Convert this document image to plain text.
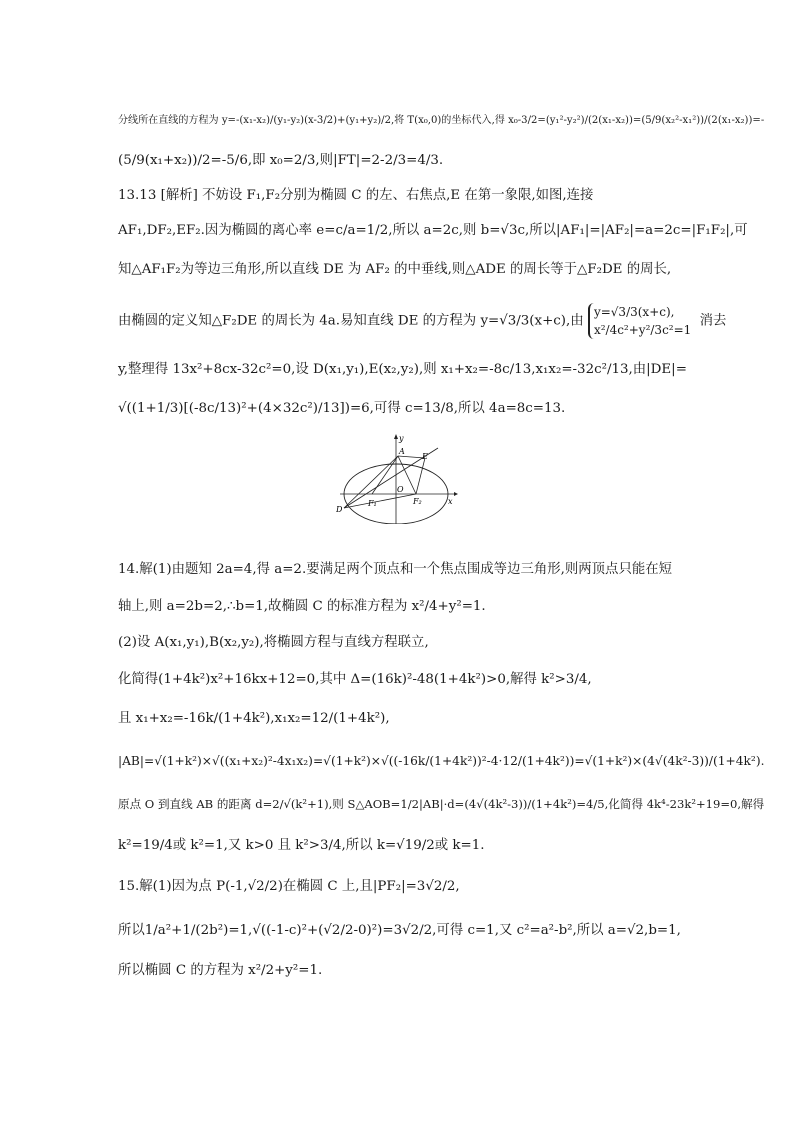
分线所在直线的方程为 y=-(x₁-x₂)/(y₁-y₂)(x-3/2)+(y₁+y₂)/2,将 T(x₀,0)的坐标代入,得 x₀-3/2=(y₁²-y₂²)/(2(x₁-x₂))=(5/9(x₂²-x₁²))/(2(x₁-x₂))=-
(5/9(x₁+x₂))/2=-5/6,即 x₀=2/3,则|FT|=2-2/3=4/3.
13.13 [解析] 不妨设 F₁,F₂分别为椭圆 C 的左、右焦点,E 在第一象限,如图,连接
AF₁,DF₂,EF₂.因为椭圆的离心率 e=c/a=1/2,所以 a=2c,则 b=√3c,所以|AF₁|=|AF₂|=a=2c=|F₁F₂|,可
知△AF₁F₂为等边三角形,所以直线 DE 为 AF₂ 的中垂线,则△ADE 的周长等于△F₂DE 的周长,
由椭圆的定义知△F₂DE 的周长为 4a.易知直线 DE 的方程为 y=√3/3(x+c),由
y=√3/3(x+c),
x²/4c²+y²/3c²=1
消去
y,整理得 13x²+8cx-32c²=0,设 D(x₁,y₁),E(x₂,y₂),则 x₁+x₂=-8c/13,x₁x₂=-32c²/13,由|DE|=
√((1+1/3)[(-8c/13)²+(4×32c²)/13])=6,可得 c=13/8,所以 4a=8c=13.
y
x
A
E
O
F₁	F₂
D
14.解(1)由题知 2a=4,得 a=2.要满足两个顶点和一个焦点围成等边三角形,则两顶点只能在短
轴上,则 a=2b=2,∴b=1,故椭圆 C 的标准方程为 x²/4+y²=1.
(2)设 A(x₁,y₁),B(x₂,y₂),将椭圆方程与直线方程联立,
化简得(1+4k²)x²+16kx+12=0,其中 Δ=(16k)²-48(1+4k²)>0,解得 k²>3/4,
且 x₁+x₂=-16k/(1+4k²),x₁x₂=12/(1+4k²),
|AB|=√(1+k²)×√((x₁+x₂)²-4x₁x₂)=√(1+k²)×√((-16k/(1+4k²))²-4·12/(1+4k²))=√(1+k²)×(4√(4k²-3))/(1+4k²).
原点 O 到直线 AB 的距离 d=2/√(k²+1),则 S△AOB=1/2|AB|·d=(4√(4k²-3))/(1+4k²)=4/5,化简得 4k⁴-23k²+19=0,解得
k²=19/4或 k²=1,又 k>0 且 k²>3/4,所以 k=√19/2或 k=1.
15.解(1)因为点 P(-1,√2/2)在椭圆 C 上,且|PF₂|=3√2/2,
所以1/a²+1/(2b²)=1,√((-1-c)²+(√2/2-0)²)=3√2/2,可得 c=1,又 c²=a²-b²,所以 a=√2,b=1,
所以椭圆 C 的方程为 x²/2+y²=1.
